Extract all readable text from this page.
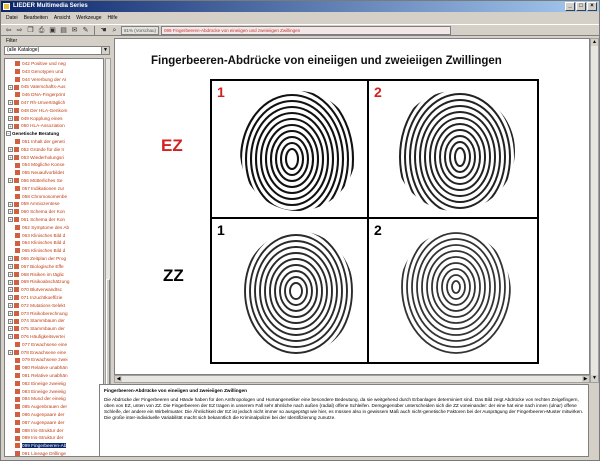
LIEDER Multimedia Series	_	□	×
Datei Bearbeiten Ansicht Werkzeuge Hilfe
⇦ ⇨ ❐ ⎙ ▣ ▤ ✉ ✎ ☚ ⌕	81% (Vorschau)	099 Fingerbeeren-Abdrücke von eineiigen und zweieiigen Zwillingen
Filter
(alle Kataloge)	▼
042 Positive und neg
043 Genotypen und
044 Vererbung der AI
+ 045 Vaterschafts-Aus
046 DNA-Fingerprint
+ 047 Rh-Unverträglich
+ 048 Der HLA-Genkom
+ 049 Kopplung eines
+ 050 HLA-Assoziation
− Genetische Beratung
051 Inhalt der geneti
+ 052 Gründe für die Ir
+ 053 Wiederholungsri
054 Mögliche Konse
055 Neuaufvorbildet
+ 056 Mütterliches Se
057 Indikationen zur
058 Chromosomenbe
+ 059 Amniozentese
+ 060 Schema der Kon
+ 061 Schema der Kon
062 Symptome des Ab
063 Klinisches Bild d
064 Klinisches Bild d
065 Klinisches Bild d
+ 066 Zeitplan der Prog
+ 067 Biologische Effe
+ 068 Risiken im täglic
+ 069 Risikoabschätzung
+ 070 Blutverwandtsc
+ 071 Inzuchtkoeffizie
+ 072 Mutations-Selekt
+ 073 Risikoberechnung
+ 074 Stammbaum der
+ 075 Stammbaum der
+ 076 Häufigkeitsvertei
077 Erwachsene eine
+ 078 Erwachsene eine
079 Erwachsene zwei
080 Relative unabhän
081 Relative unabhän
082 Eineiige zweieiig
083 Eineiige zweieiig
084 Mund der eineiig
085 Augenbrauen der
086 Augenpaare der
087 Augenpaare der
088 Iris-Struktur der
089 Iris-Struktur der
099 Fingerbeeren-Ab
091 Lineage Drillinge
Fingerbeeren-Abdrücke von eineiigen und zweieiigen Zwillingen
EZ
ZZ
1	2
1	2
▲
▼
◀	▶
Fingerbeeren-Abdrücke von eineiigen und zweieiigen Zwillingen
Die Abdrücke der Fingerbeeren und Hände haben für den Anthropologen und Humangenetiker eine besondere Bedeutung, da sie weitgehend durch Erbanlagen determiniert sind. Das Bild zeigt Abdrücke von rechten Zeigefingern, oben von EZ, unten von ZZ. Die Fingerbeeren der EZ tragen in unserem Fall sehr ähnliche nach außen (radial) offene Schleifen. Demgegenüber unterscheiden sich die ZZ voneinander: der eine hat eine nach innen (ulnar) offene Schleife, der andere ein Wirbelmuster. Die Ähnlichkeit der EZ ist jedoch nicht immer so ausgeprägt wie hier, es müssen also in gewissem Maß auch nicht-genetische Faktoren bei der Ausprägung der Fingerbeeren-Muster mitwirken. Die große inter-individuelle Variabilität macht sich bekanntlich die Kriminalpolizei bei der Identifizierung zunutze.
